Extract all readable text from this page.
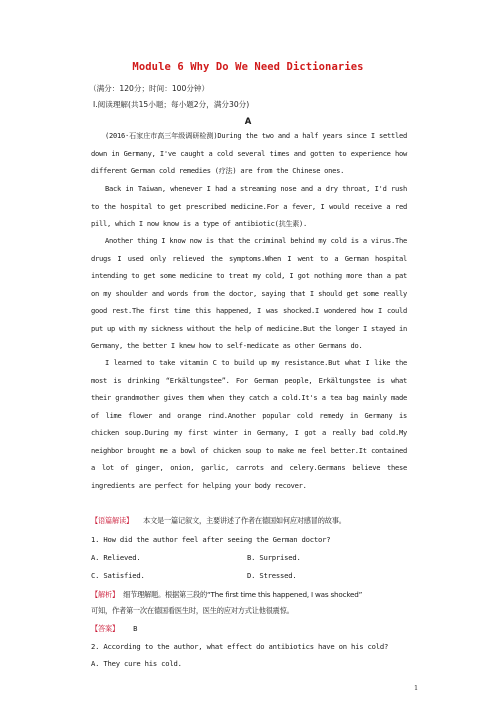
Module 6 Why Do We Need Dictionaries
（满分：120分；时间：100分钟）
Ⅰ.阅读理解(共15小题；每小题2分，满分30分)
A
(2016·石家庄市高三年级调研检测)During the two and a half years since I settled down in Germany, I've caught a cold several times and gotten to experience how different German cold remedies (疗法) are from the Chinese ones.
Back in Taiwan, whenever I had a streaming nose and a dry throat, I'd rush to the hospital to get prescribed medicine.For a fever, I would receive a red pill, which I now know is a type of antibiotic(抗生素).
Another thing I know now is that the criminal behind my cold is a virus.The drugs I used only relieved the symptoms.When I went to a German hospital intending to get some medicine to treat my cold, I got nothing more than a pat on my shoulder and words from the doctor, saying that I should get some really good rest.The first time this happened, I was shocked.I wondered how I could put up with my sickness without the help of medicine.But the longer I stayed in Germany, the better I knew how to self-medicate as other Germans do.
I learned to take vitamin C to build up my resistance.But what I like the most is drinking “Erkältungstee”. For German people, Erkältungstee is what their grandmother gives them when they catch a cold.It's a tea bag mainly made of lime flower and orange rind.Another popular cold remedy in Germany is chicken soup.During my first winter in Germany, I got a really bad cold.My neighbor brought me a bowl of chicken soup to make me feel better.It contained a lot of ginger, onion, garlic, carrots and celery.Germans believe these ingredients are perfect for helping your body recover.
【语篇解读】 本文是一篇记叙文，主要讲述了作者在德国如何应对感冒的故事。
1. How did the author feel after seeing the German doctor?
A. Relieved.	B. Surprised.
C. Satisfied.	D. Stressed.
【解析】 细节理解题。根据第三段的“The first time this happened, I was shocked”
可知，作者第一次在德国看医生时，医生的应对方式让他很震惊。
【答案】 B
2. According to the author, what effect do antibiotics have on his cold?
A. They cure his cold.
1
